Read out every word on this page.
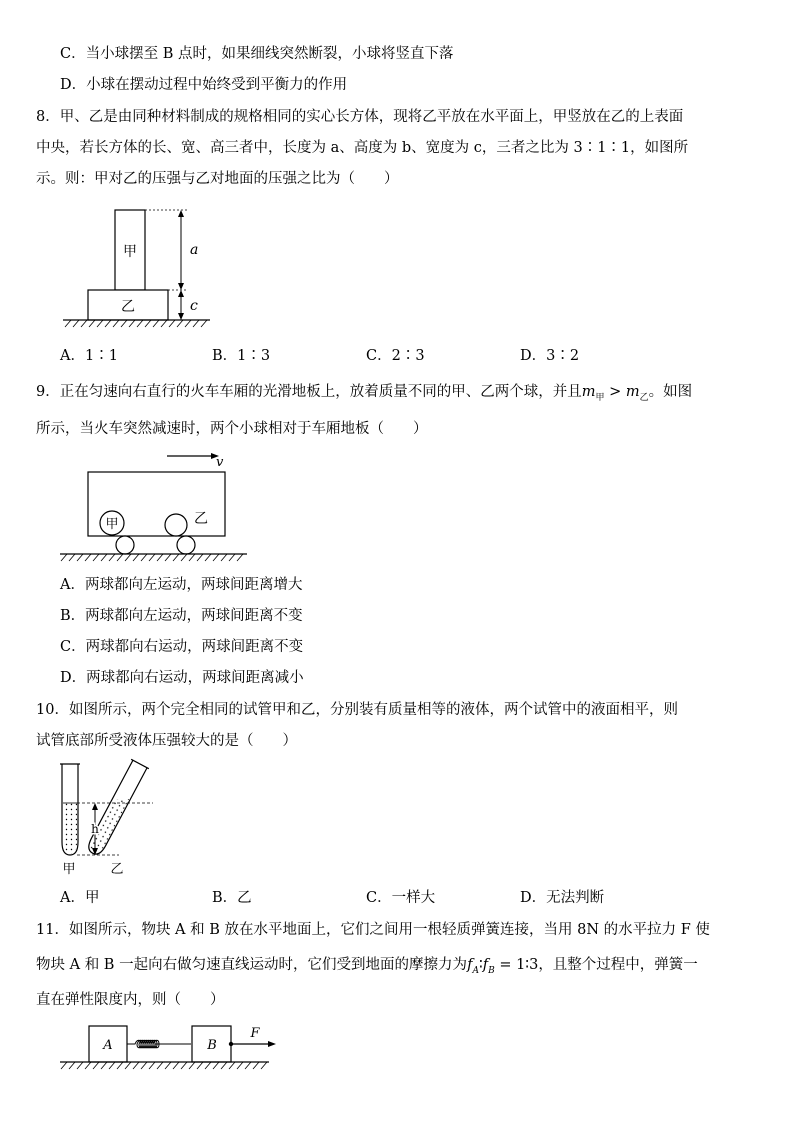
C．当小球摆至 B 点时，如果细线突然断裂，小球将竖直下落
D．小球在摆动过程中始终受到平衡力的作用
8．甲、乙是由同种材料制成的规格相同的实心长方体，现将乙平放在水平面上，甲竖放在乙的上表面
中央，若长方体的长、宽、高三者中，长度为 a、高度为 b、宽度为 c，三者之比为 3∶1∶1，如图所
示。则：甲对乙的压强与乙对地面的压强之比为（　　）
甲
乙
a
c
A．1∶1	B．1∶3	C．2∶3	D．3∶2
9．正在匀速向右直行的火车车厢的光滑地板上，放着质量不同的甲、乙两个球，并且$m_甲 > m_乙$。如图
所示，当火车突然减速时，两个小球相对于车厢地板（　　）
v
甲	乙
A．两球都向左运动，两球间距离增大
B．两球都向左运动，两球间距离不变
C．两球都向右运动，两球间距离不变
D．两球都向右运动，两球间距离减小
10．如图所示，两个完全相同的试管甲和乙，分别装有质量相等的液体，两个试管中的液面相平，则
试管底部所受液体压强较大的是（　　）
h
甲	乙
A．甲	B．乙	C．一样大	D．无法判断
11．如图所示，物块 A 和 B 放在水平地面上，它们之间用一根轻质弹簧连接，当用 8N 的水平拉力 F 使
物块 A 和 B 一起向右做匀速直线运动时，它们受到地面的摩擦力为$f_A∶f_B$ = 1∶3，且整个过程中，弹簧一
直在弹性限度内，则（　　）
A	B
F
